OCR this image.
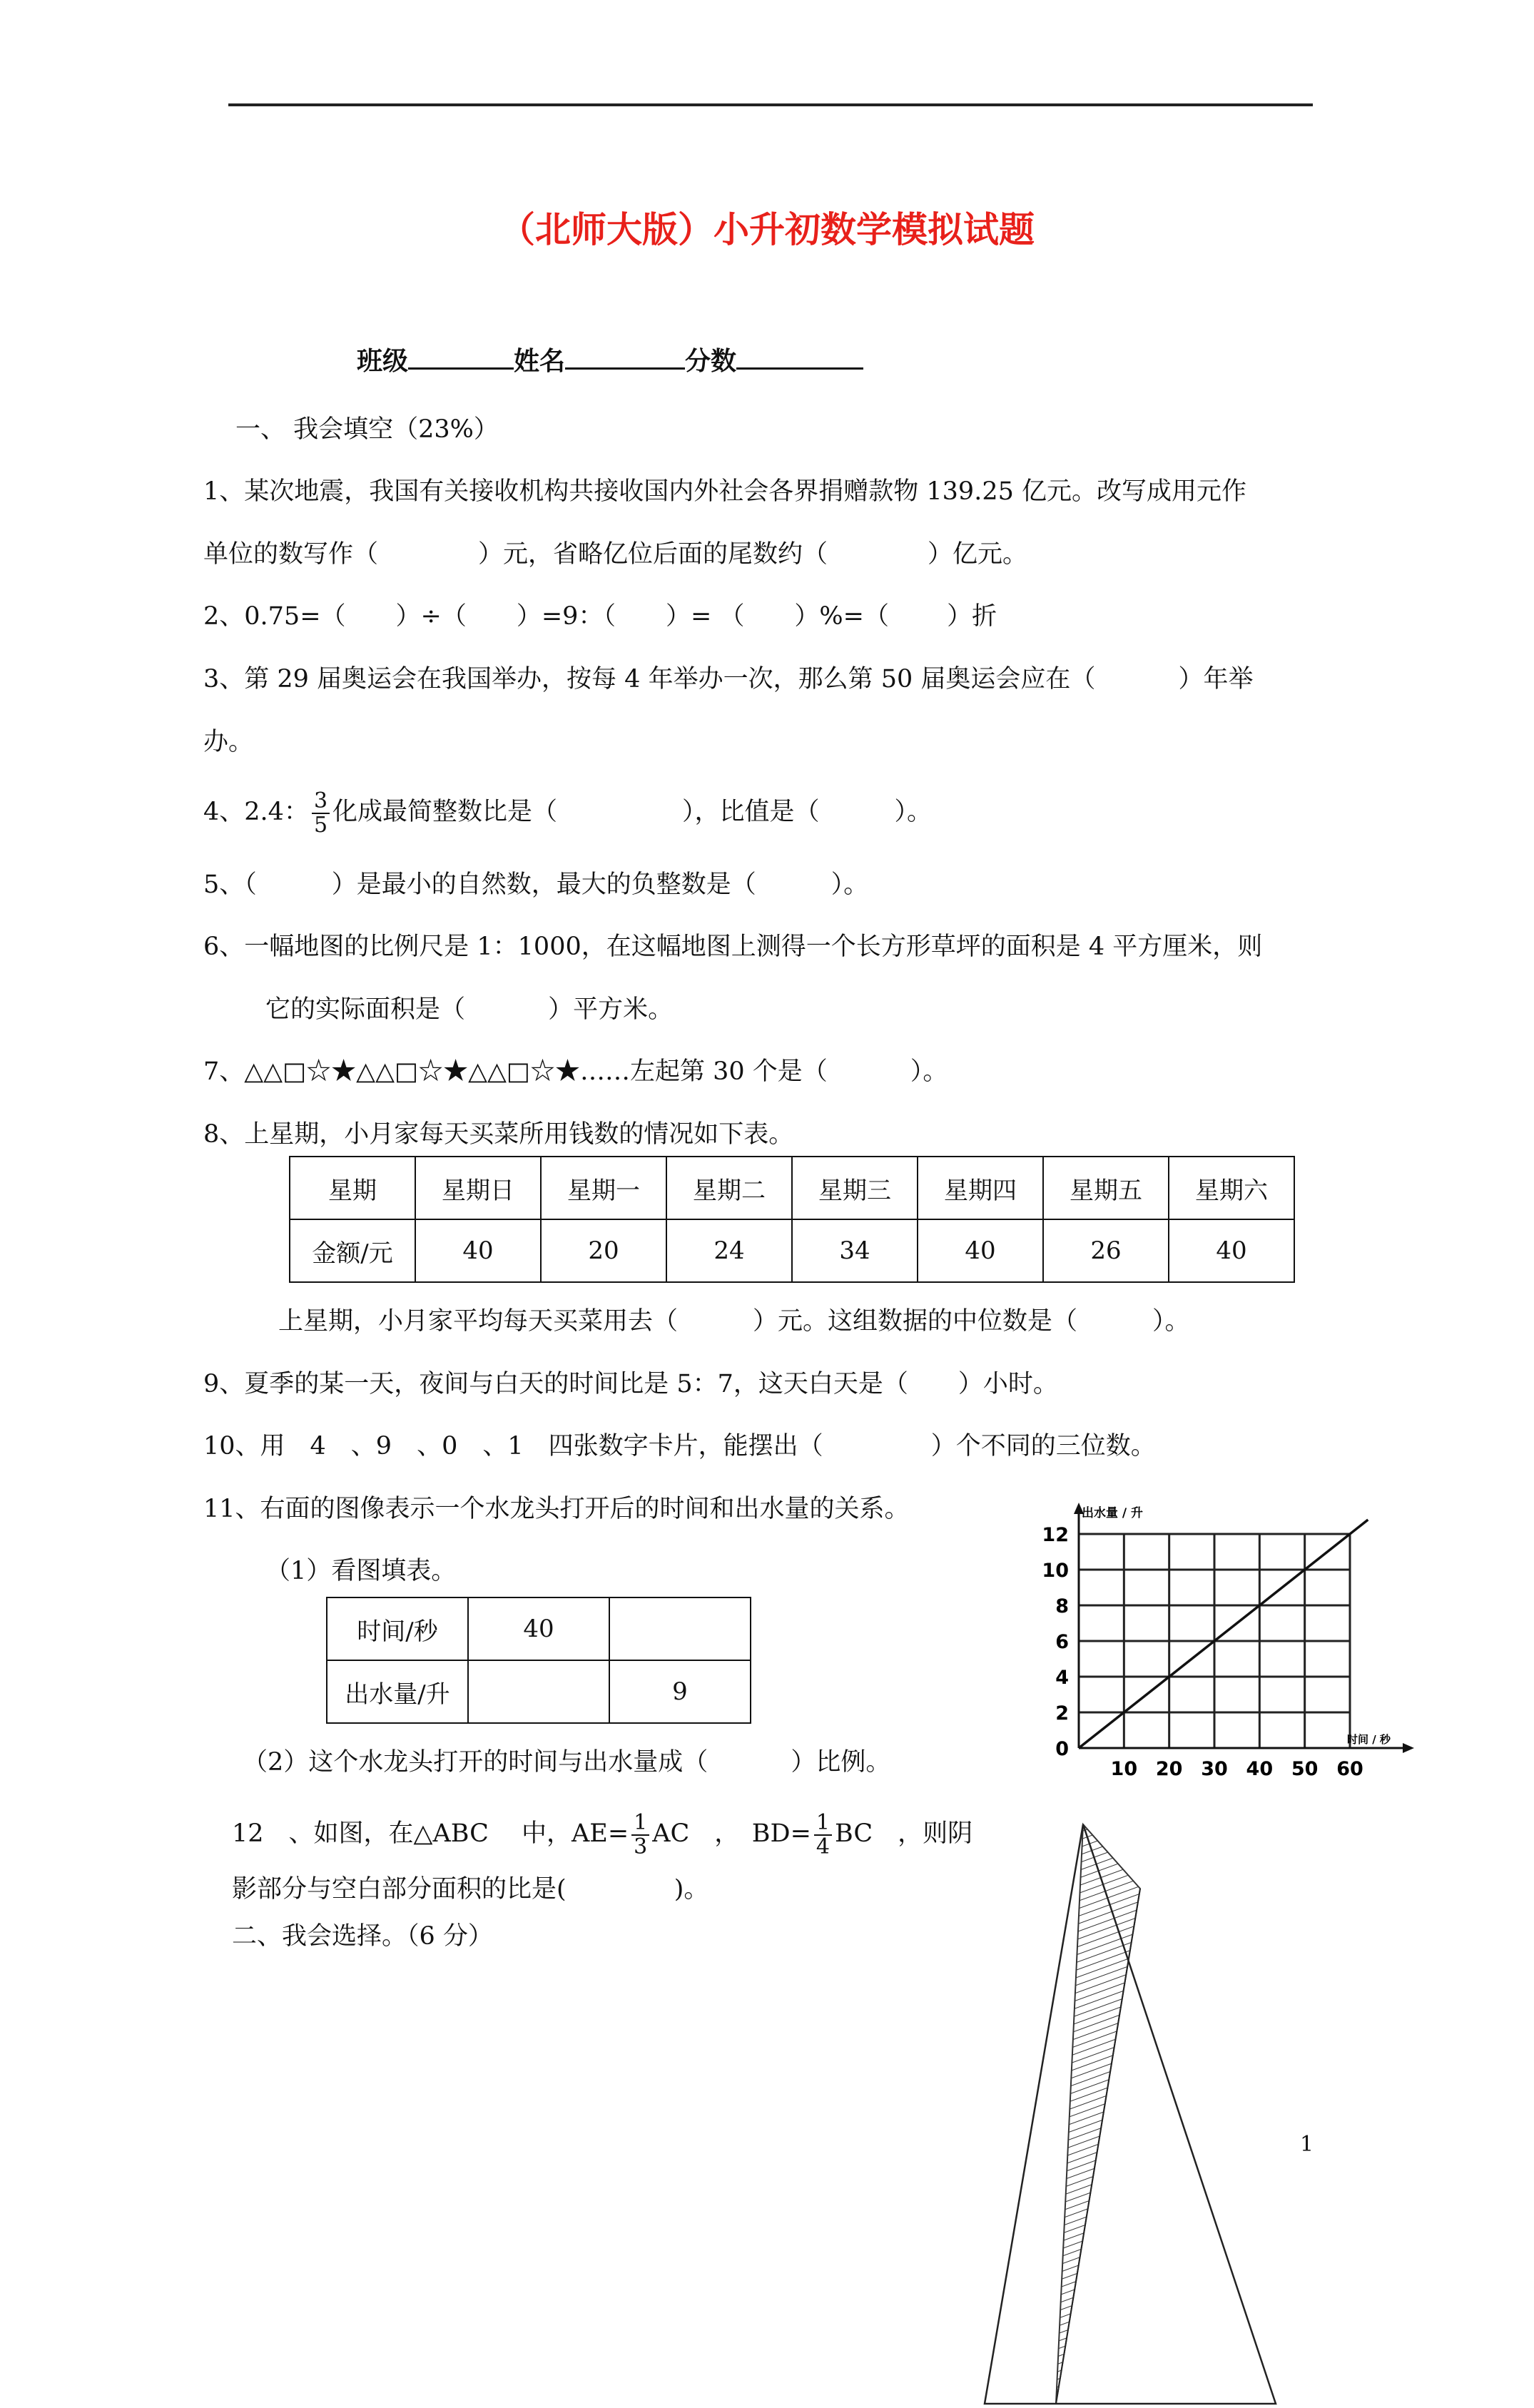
（北师大版）小升初数学模拟试题
班级	姓名	分数
一、 我会填空（23%）
1、某次地震，我国有关接收机构共接收国内外社会各界捐赠款物 139.25 亿元。改写成用元作
单位的数写作（　　　　）元，省略亿位后面的尾数约（　　　　）亿元。
2、0.75=（　　）÷（　　）=9：（　　）= （　　）%=（　　 ）折
3、第 29 届奥运会在我国举办，按每 4 年举办一次，那么第 50 届奥运会应在（　　　 ）年举
办。
4、2.4： $\frac{3}{5}$ 化成最简整数比是（　　　　　），比值是（　　　）。
5、（　　　）是最小的自然数，最大的负整数是（　　　）。
6、一幅地图的比例尺是 1：1000，在这幅地图上测得一个长方形草坪的面积是 4 平方厘米，则
它的实际面积是（　　　 ）平方米。
7、△△□☆★△△□☆★△△□☆★……左起第 30 个是（　　　 ）。
8、上星期，小月家每天买菜所用钱数的情况如下表。
星期	星期日	星期一	星期二	星期三	星期四	星期五	星期六
金额/元	40	20	24	34	40	26	40
上星期，小月家平均每天买菜用去（　　　）元。这组数据的中位数是（　　　）。
9、夏季的某一天，夜间与白天的时间比是 5：7，这天白天是（　　）小时。
10、用　4　、9　、0　、1　四张数字卡片，能摆出（　　　　 ）个不同的三位数。
11、右面的图像表示一个水龙头打开后的时间和出水量的关系。
（1）看图填表。
时间/秒	40	
出水量/升		9
（2）这个水龙头打开的时间与出水量成（　　　 ）比例。	10 20 30 40 50 60
0
2
4
6
8
10
12
出水量 / 升
时间 / 秒
12　、如图，在△ABC　 中，$AE= \frac{1}{3}$ AC　，　$BD= \frac{1}{4}$ BC　，则阴
影部分与空白部分面积的比是(　　　　 )。
二、我会选择。（6 分）
1
